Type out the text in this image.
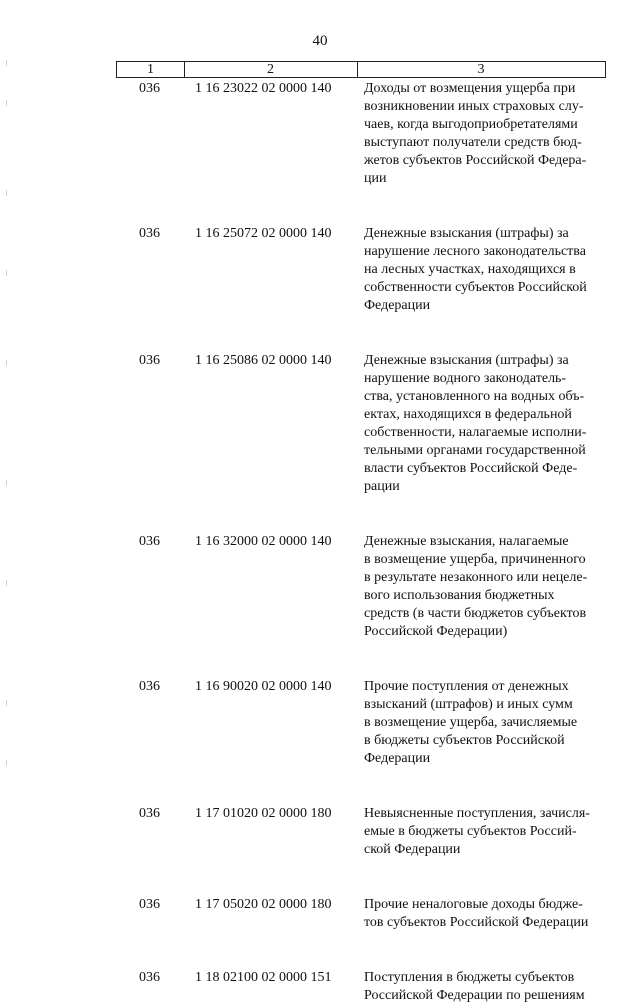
40
1	2	3
036	1 16 23022 02 0000 140	Доходы от возмещения ущерба при
возникновении иных страховых слу-
чаев, когда выгодоприобретателями
выступают получатели средств бюд-
жетов субъектов Российской Федера-
ции
036	1 16 25072 02 0000 140	Денежные взыскания (штрафы) за
нарушение лесного законодательства
на лесных участках, находящихся в
собственности субъектов Российской
Федерации
036	1 16 25086 02 0000 140	Денежные взыскания (штрафы) за
нарушение водного законодатель-
ства, установленного на водных объ-
ектах, находящихся в федеральной
собственности, налагаемые исполни-
тельными органами государственной
власти субъектов Российской Феде-
рации
036	1 16 32000 02 0000 140	Денежные взыскания, налагаемые
в возмещение ущерба, причиненного
в результате незаконного или нецеле-
вого использования бюджетных
средств (в части бюджетов субъектов
Российской Федерации)
036	1 16 90020 02 0000 140	Прочие поступления от денежных
взысканий (штрафов) и иных сумм
в возмещение ущерба, зачисляемые
в бюджеты субъектов Российской
Федерации
036	1 17 01020 02 0000 180	Невыясненные поступления, зачисля-
емые в бюджеты субъектов Россий-
ской Федерации
036	1 17 05020 02 0000 180	Прочие неналоговые доходы бюдже-
тов субъектов Российской Федерации
036	1 18 02100 02 0000 151	Поступления в бюджеты субъектов
Российской Федерации по решениям
